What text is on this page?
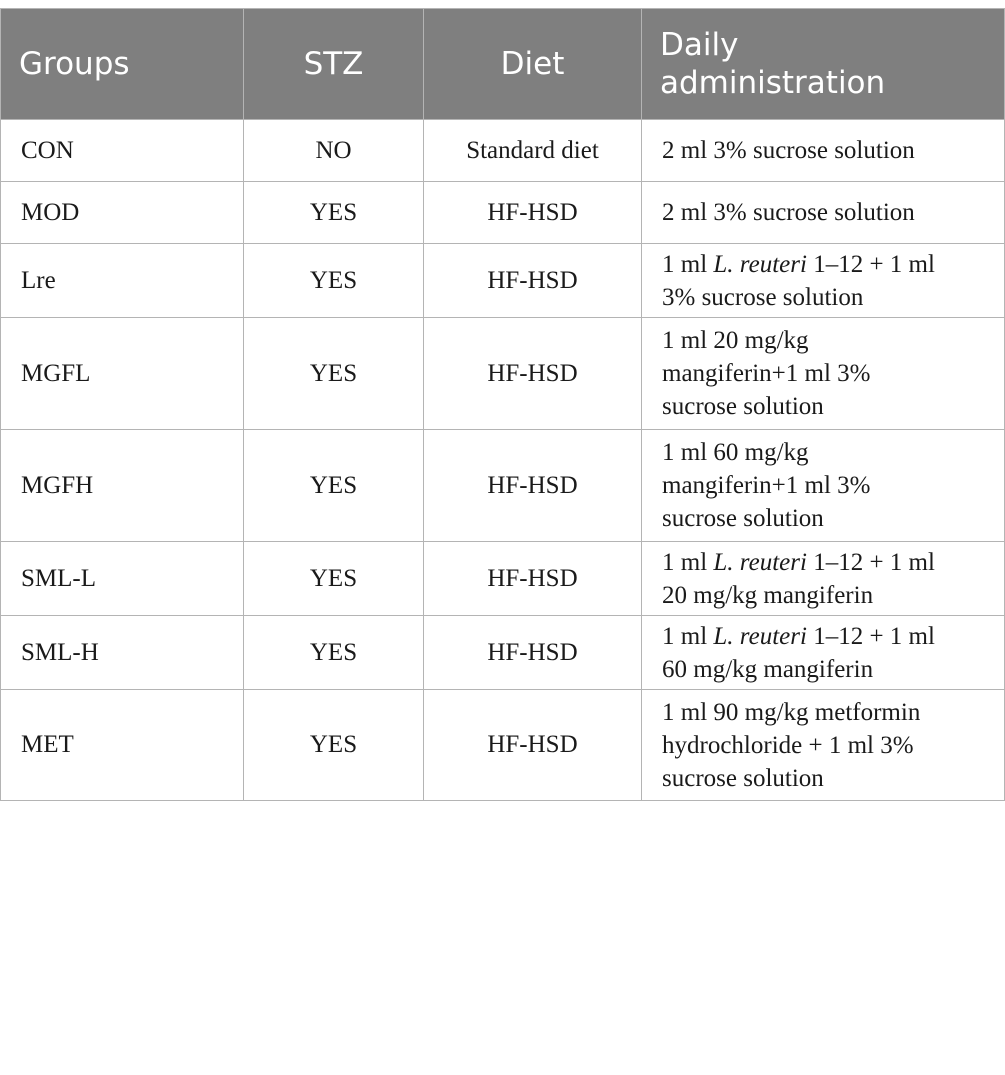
Groups	STZ	Diet	Daily
administration
CON	NO	Standard diet	2 ml 3% sucrose solution
MOD	YES	HF-HSD	2 ml 3% sucrose solution
Lre	YES	HF-HSD	1 ml L. reuteri 1–12 + 1 ml
3% sucrose solution
MGFL	YES	HF-HSD	1 ml 20 mg/kg
mangiferin+1 ml 3%
sucrose solution
MGFH	YES	HF-HSD	1 ml 60 mg/kg
mangiferin+1 ml 3%
sucrose solution
SML-L	YES	HF-HSD	1 ml L. reuteri 1–12 + 1 ml
20 mg/kg mangiferin
SML-H	YES	HF-HSD	1 ml L. reuteri 1–12 + 1 ml
60 mg/kg mangiferin
MET	YES	HF-HSD	1 ml 90 mg/kg metformin
hydrochloride + 1 ml 3%
sucrose solution
